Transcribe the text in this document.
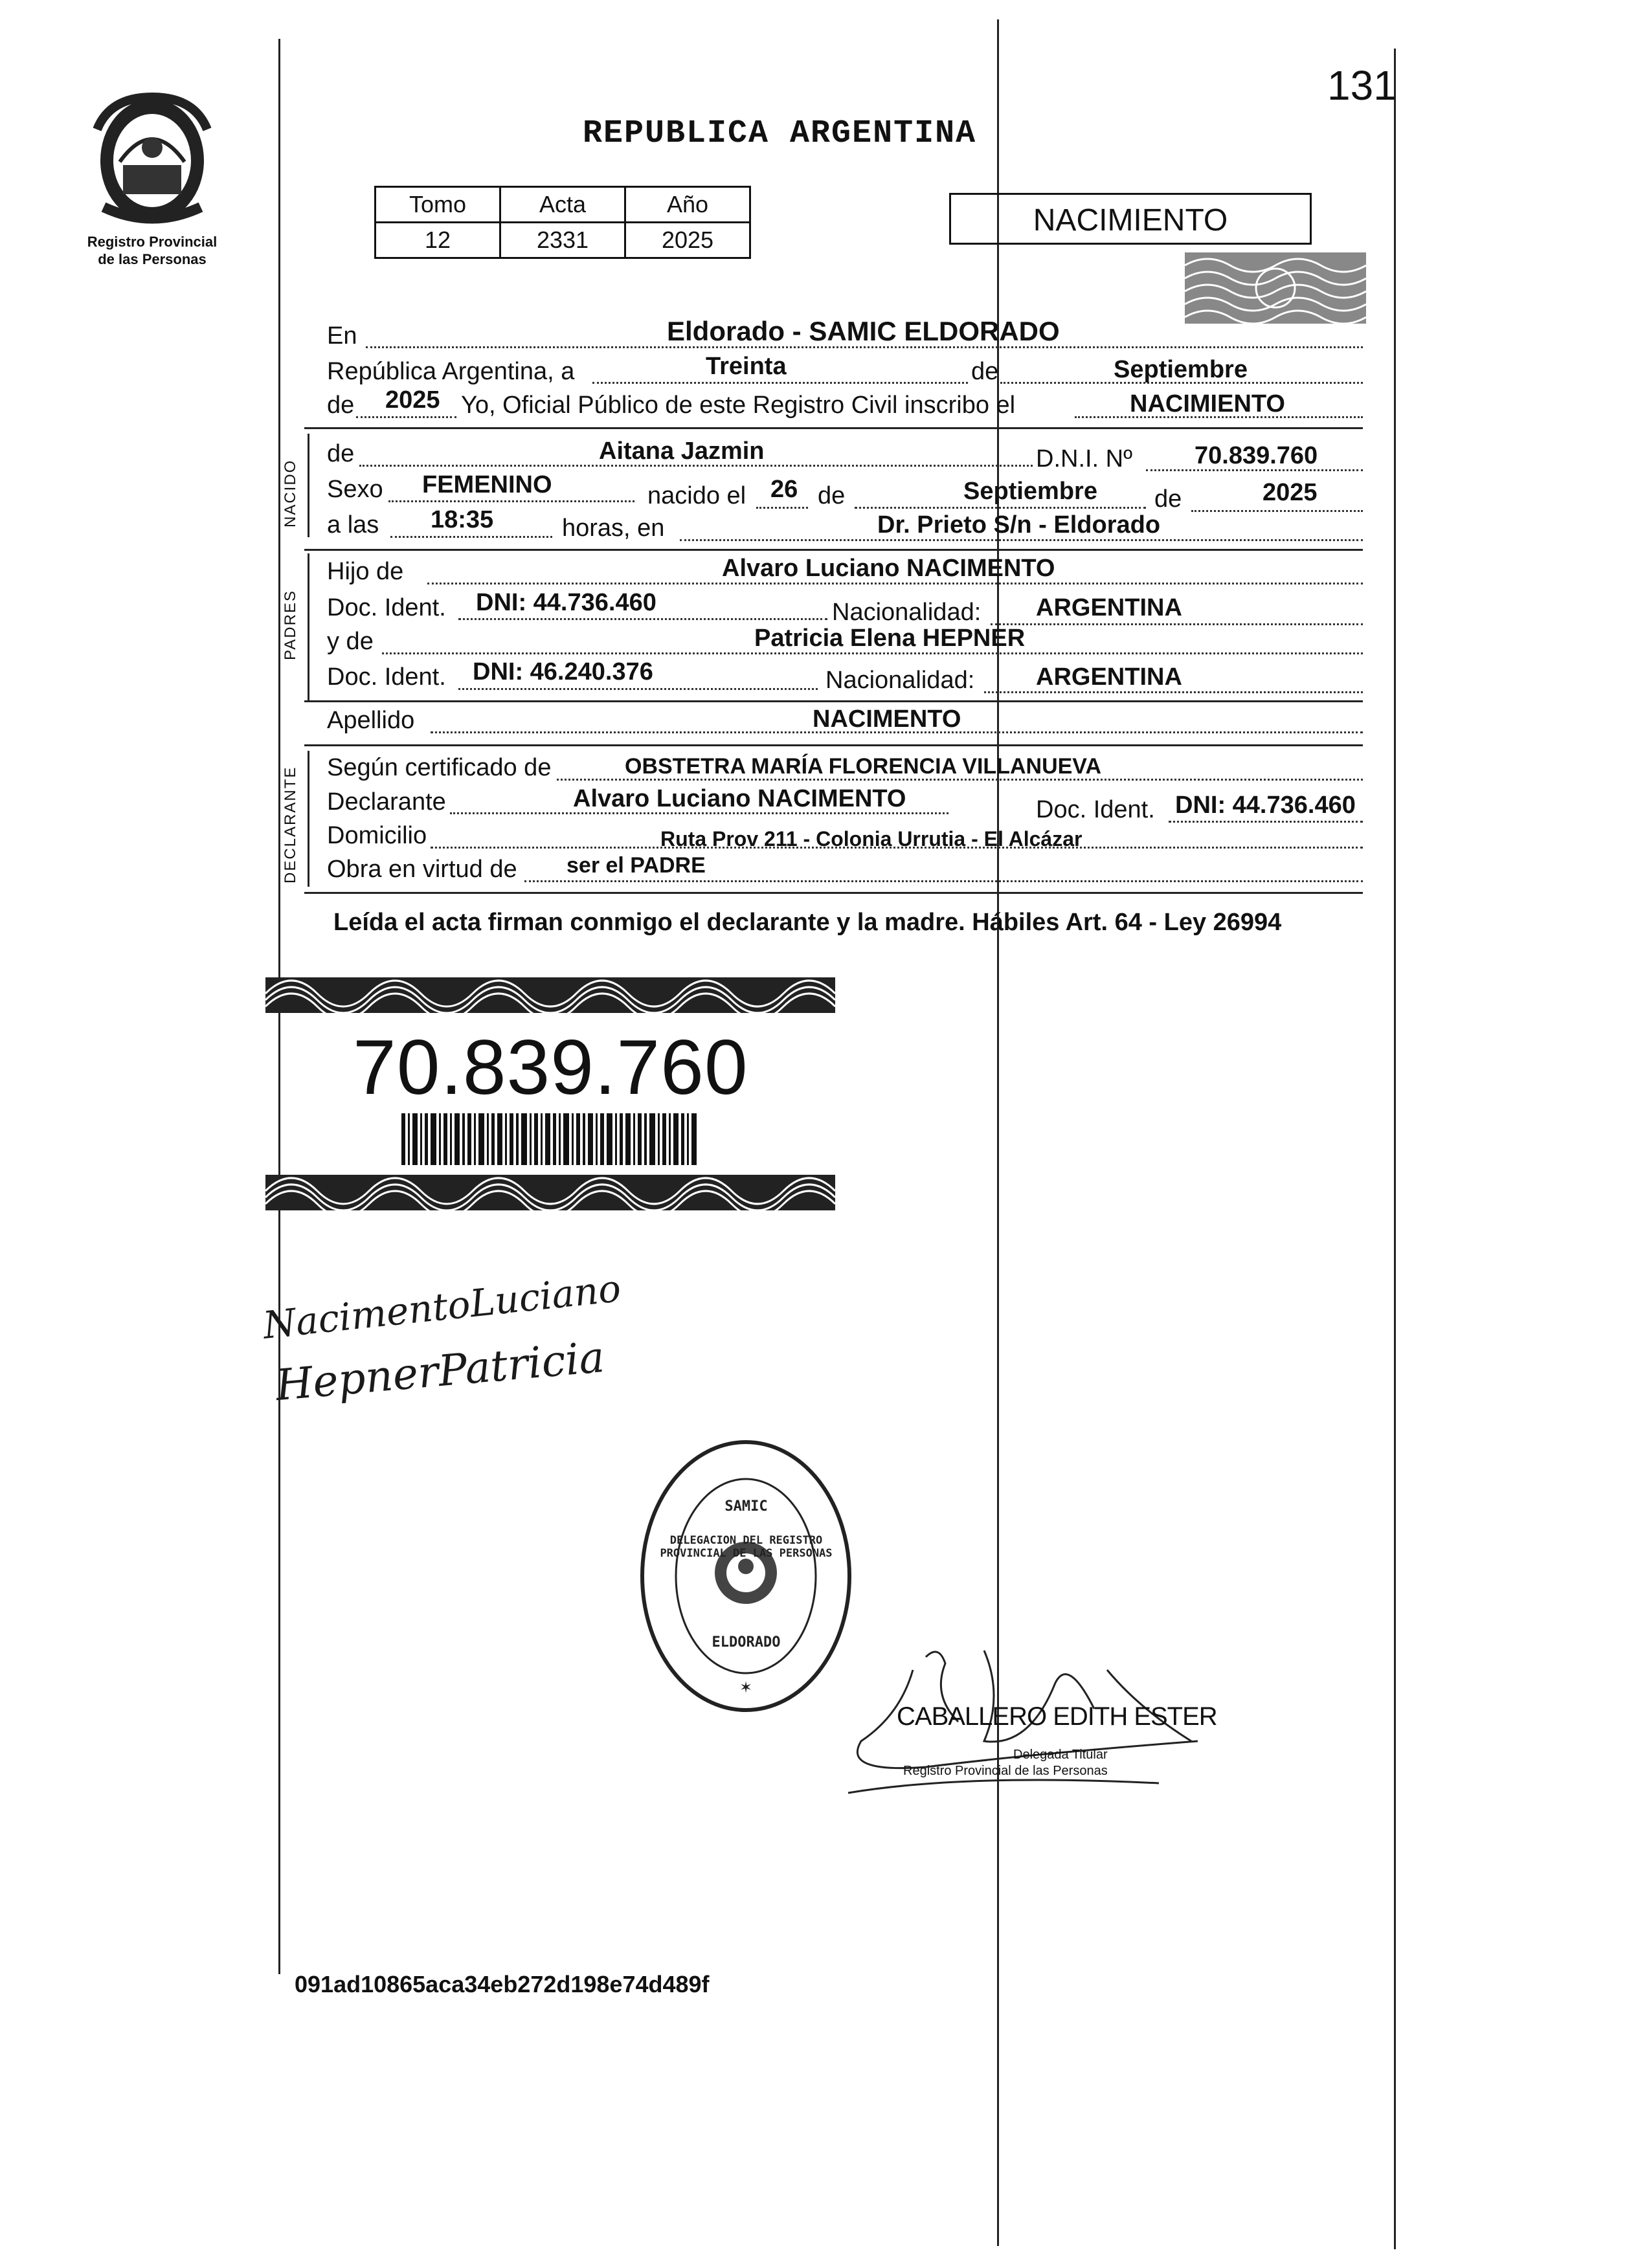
Registro Provincial
de las Personas
131
REPUBLICA ARGENTINA
Tomo	Acta	Año
12	2331	2025
NACIMIENTO
En	Eldorado - SAMIC ELDORADO
República Argentina, a	Treinta	de	Septiembre
de 2025 Yo, Oficial Público de este Registro Civil inscribo el	NACIMIENTO
NACIDO
de	Aitana Jazmin	D.N.I. Nº	70.839.760
Sexo FEMENINO	nacido el 26 de	Septiembre de	2025
a las 18:35	horas, en	Dr. Prieto S/n - Eldorado
PADRES
Hijo de	Alvaro Luciano NACIMENTO
Doc. Ident. DNI: 44.736.460	Nacionalidad: ARGENTINA
y de	Patricia Elena HEPNER
Doc. Ident. DNI: 46.240.376	Nacionalidad: ARGENTINA
Apellido	NACIMENTO
DECLARANTE Según certificado de	OBSTETRA MARÍA FLORENCIA VILLANUEVA
Declarante	Alvaro Luciano NACIMENTO	Doc. Ident. DNI: 44.736.460
Domicilio	Ruta Prov 211 - Colonia Urrutia - El Alcázar
Obra en virtud de ser el PADRE
Leída el acta firman conmigo el declarante y la madre. Hábiles Art. 64 - Ley 26994
70.839.760
NacimentoLuciano
HepnerPatricia
✶
DELEGACION DEL REGISTRO PROVINCIAL DE LAS PERSONAS
SAMIC
ELDORADO
CABALLERO EDITH ESTER
Delegada Titular
Registro Provincial de las Personas
091ad10865aca34eb272d198e74d489f
